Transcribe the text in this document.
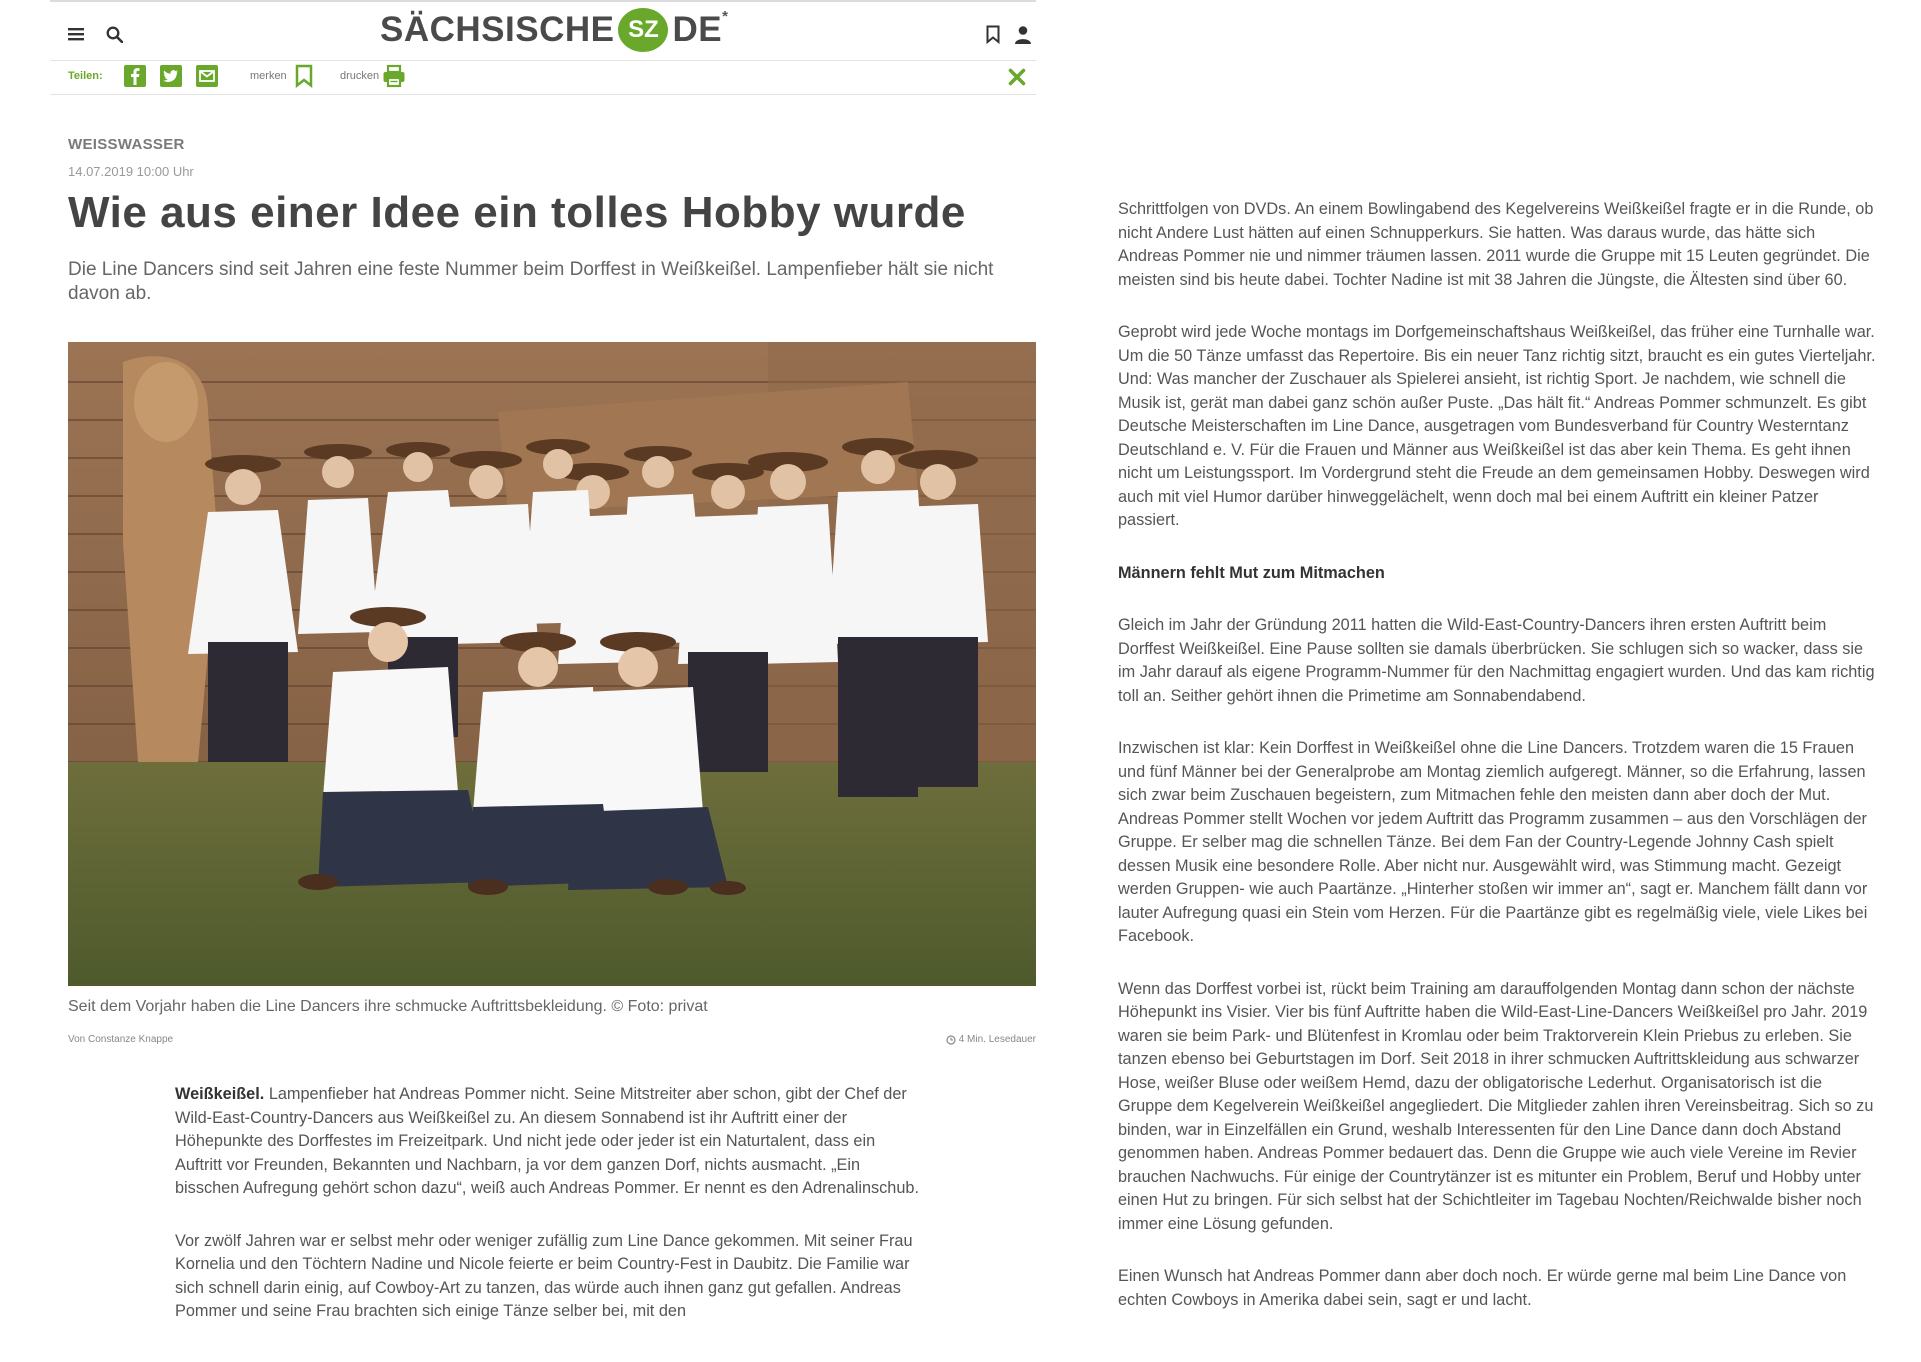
SÄCHSISCHE SZ DE *
Teilen:	merken	drucken
WEISSWASSER
14.07.2019 10:00 Uhr
Wie aus einer Idee ein tolles Hobby wurde
Die Line Dancers sind seit Jahren eine feste Nummer beim Dorffest in Weißkeißel. Lampenfieber hält sie nicht davon ab.
Seit dem Vorjahr haben die Line Dancers ihre schmucke Auftrittsbekleidung. © Foto: privat
Von Constanze Knappe	4 Min. Lesedauer

Weißkeißel. Lampenfieber hat Andreas Pommer nicht. Seine Mitstreiter aber schon, gibt der Chef der Wild-East-Country-Dancers aus Weißkeißel zu. An diesem Sonnabend ist ihr Auftritt einer der Höhepunkte des Dorffestes im Freizeitpark. Und nicht jede oder jeder ist ein Naturtalent, dass ein Auftritt vor Freunden, Bekannten und Nachbarn, ja vor dem ganzen Dorf, nichts ausmacht. „Ein bisschen Aufregung gehört schon dazu“, weiß auch Andreas Pommer. Er nennt es den Adrenalinschub.

Vor zwölf Jahren war er selbst mehr oder weniger zufällig zum Line Dance gekommen. Mit seiner Frau Kornelia und den Töchtern Nadine und Nicole feierte er beim Country-Fest in Daubitz. Die Familie war sich schnell darin einig, auf Cowboy-Art zu tanzen, das würde auch ihnen ganz gut gefallen. Andreas Pommer und seine Frau brachten sich einige Tänze selber bei, mit den

Schrittfolgen von DVDs. An einem Bowlingabend des Kegelvereins Weißkeißel fragte er in die Runde, ob nicht Andere Lust hätten auf einen Schnupperkurs. Sie hatten. Was daraus wurde, das hätte sich Andreas Pommer nie und nimmer träumen lassen. 2011 wurde die Gruppe mit 15 Leuten gegründet. Die meisten sind bis heute dabei. Tochter Nadine ist mit 38 Jahren die Jüngste, die Ältesten sind über 60.

Geprobt wird jede Woche montags im Dorfgemeinschaftshaus Weißkeißel, das früher eine Turnhalle war. Um die 50 Tänze umfasst das Repertoire. Bis ein neuer Tanz richtig sitzt, braucht es ein gutes Vierteljahr. Und: Was mancher der Zuschauer als Spielerei ansieht, ist richtig Sport. Je nachdem, wie schnell die Musik ist, gerät man dabei ganz schön außer Puste. „Das hält fit.“ Andreas Pommer schmunzelt. Es gibt Deutsche Meisterschaften im Line Dance, ausgetragen vom Bundesverband für Country Westerntanz Deutschland e. V. Für die Frauen und Männer aus Weißkeißel ist das aber kein Thema. Es geht ihnen nicht um Leistungssport. Im Vordergrund steht die Freude an dem gemeinsamen Hobby. Deswegen wird auch mit viel Humor darüber hinweggelächelt, wenn doch mal bei einem Auftritt ein kleiner Patzer passiert.

Männern fehlt Mut zum Mitmachen

Gleich im Jahr der Gründung 2011 hatten die Wild-East-Country-Dancers ihren ersten Auftritt beim Dorffest Weißkeißel. Eine Pause sollten sie damals überbrücken. Sie schlugen sich so wacker, dass sie im Jahr darauf als eigene Programm-Nummer für den Nachmittag engagiert wurden. Und das kam richtig toll an. Seither gehört ihnen die Primetime am Sonnabendabend.

Inzwischen ist klar: Kein Dorffest in Weißkeißel ohne die Line Dancers. Trotzdem waren die 15 Frauen und fünf Männer bei der Generalprobe am Montag ziemlich aufgeregt. Männer, so die Erfahrung, lassen sich zwar beim Zuschauen begeistern, zum Mitmachen fehle den meisten dann aber doch der Mut. Andreas Pommer stellt Wochen vor jedem Auftritt das Programm zusammen – aus den Vorschlägen der Gruppe. Er selber mag die schnellen Tänze. Bei dem Fan der Country-Legende Johnny Cash spielt dessen Musik eine besondere Rolle. Aber nicht nur. Ausgewählt wird, was Stimmung macht. Gezeigt werden Gruppen- wie auch Paartänze. „Hinterher stoßen wir immer an“, sagt er. Manchem fällt dann vor lauter Aufregung quasi ein Stein vom Herzen. Für die Paartänze gibt es regelmäßig viele, viele Likes bei Facebook.

Wenn das Dorffest vorbei ist, rückt beim Training am darauffolgenden Montag dann schon der nächste Höhepunkt ins Visier. Vier bis fünf Auftritte haben die Wild-East-Line-Dancers Weißkeißel pro Jahr. 2019 waren sie beim Park- und Blütenfest in Kromlau oder beim Traktorverein Klein Priebus zu erleben. Sie tanzen ebenso bei Geburtstagen im Dorf. Seit 2018 in ihrer schmucken Auftrittskleidung aus schwarzer Hose, weißer Bluse oder weißem Hemd, dazu der obligatorische Lederhut. Organisatorisch ist die Gruppe dem Kegelverein Weißkeißel angegliedert. Die Mitglieder zahlen ihren Vereinsbeitrag. Sich so zu binden, war in Einzelfällen ein Grund, weshalb Interessenten für den Line Dance dann doch Abstand genommen haben. Andreas Pommer bedauert das. Denn die Gruppe wie auch viele Vereine im Revier brauchen Nachwuchs. Für einige der Countrytänzer ist es mitunter ein Problem, Beruf und Hobby unter einen Hut zu bringen. Für sich selbst hat der Schichtleiter im Tagebau Nochten/Reichwalde bisher noch immer eine Lösung gefunden.

Einen Wunsch hat Andreas Pommer dann aber doch noch. Er würde gerne mal beim Line Dance von echten Cowboys in Amerika dabei sein, sagt er und lacht.
